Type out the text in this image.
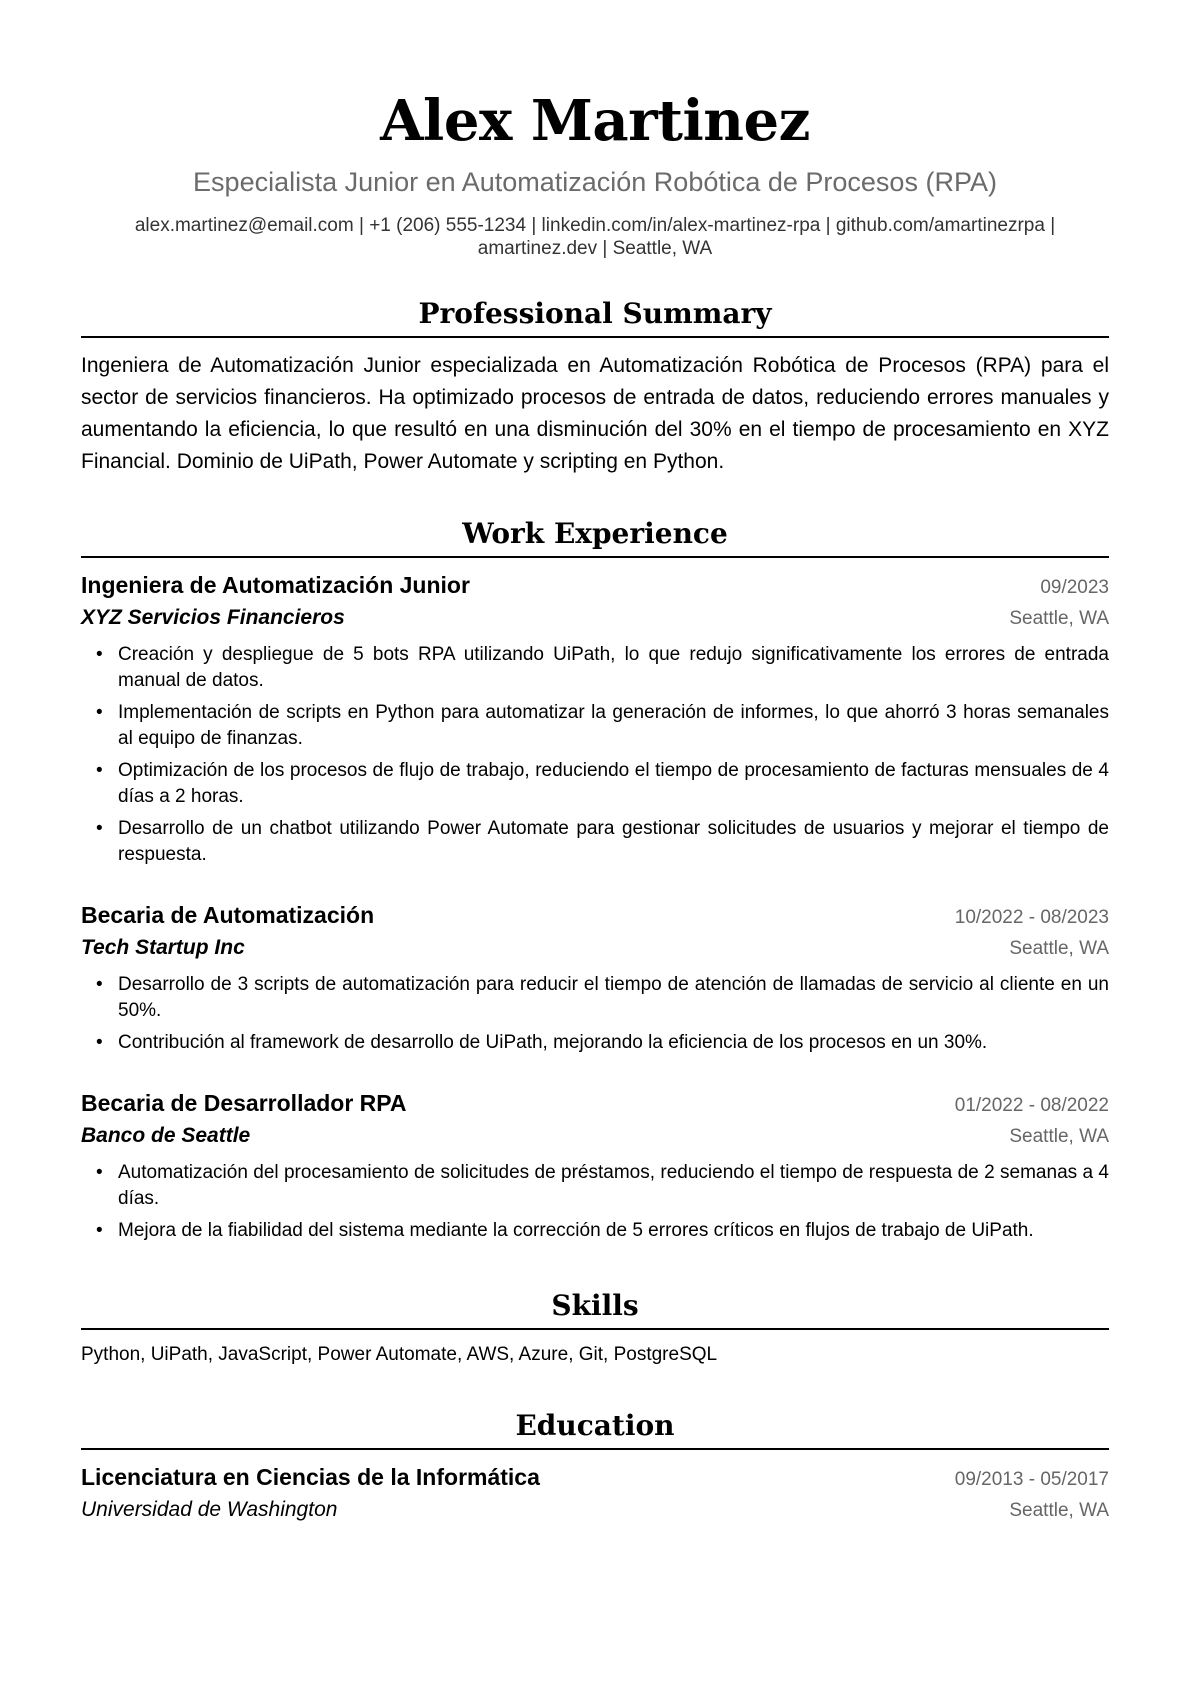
Alex Martinez
Especialista Junior en Automatización Robótica de Procesos (RPA)
alex.martinez@email.com | +1 (206) 555-1234 | linkedin.com/in/alex-martinez-rpa | github.com/amartinezrpa | amartinez.dev | Seattle, WA
Professional Summary
Ingeniera de Automatización Junior especializada en Automatización Robótica de Procesos (RPA) para el sector de servicios financieros. Ha optimizado procesos de entrada de datos, reduciendo errores manuales y aumentando la eficiencia, lo que resultó en una disminución del 30% en el tiempo de procesamiento en XYZ Financial. Dominio de UiPath, Power Automate y scripting en Python.
Work Experience
Ingeniera de Automatización Junior	09/2023
XYZ Servicios Financieros	Seattle, WA
• Creación y despliegue de 5 bots RPA utilizando UiPath, lo que redujo significativamente los errores de entrada manual de datos.
• Implementación de scripts en Python para automatizar la generación de informes, lo que ahorró 3 horas semanales al equipo de finanzas.
• Optimización de los procesos de flujo de trabajo, reduciendo el tiempo de procesamiento de facturas mensuales de 4 días a 2 horas.
• Desarrollo de un chatbot utilizando Power Automate para gestionar solicitudes de usuarios y mejorar el tiempo de respuesta.
Becaria de Automatización	10/2022 - 08/2023
Tech Startup Inc	Seattle, WA
• Desarrollo de 3 scripts de automatización para reducir el tiempo de atención de llamadas de servicio al cliente en un 50%.
• Contribución al framework de desarrollo de UiPath, mejorando la eficiencia de los procesos en un 30%.
Becaria de Desarrollador RPA	01/2022 - 08/2022
Banco de Seattle	Seattle, WA
• Automatización del procesamiento de solicitudes de préstamos, reduciendo el tiempo de respuesta de 2 semanas a 4 días.
• Mejora de la fiabilidad del sistema mediante la corrección de 5 errores críticos en flujos de trabajo de UiPath.
Skills
Python, UiPath, JavaScript, Power Automate, AWS, Azure, Git, PostgreSQL
Education
Licenciatura en Ciencias de la Informática	09/2013 - 05/2017
Universidad de Washington	Seattle, WA
